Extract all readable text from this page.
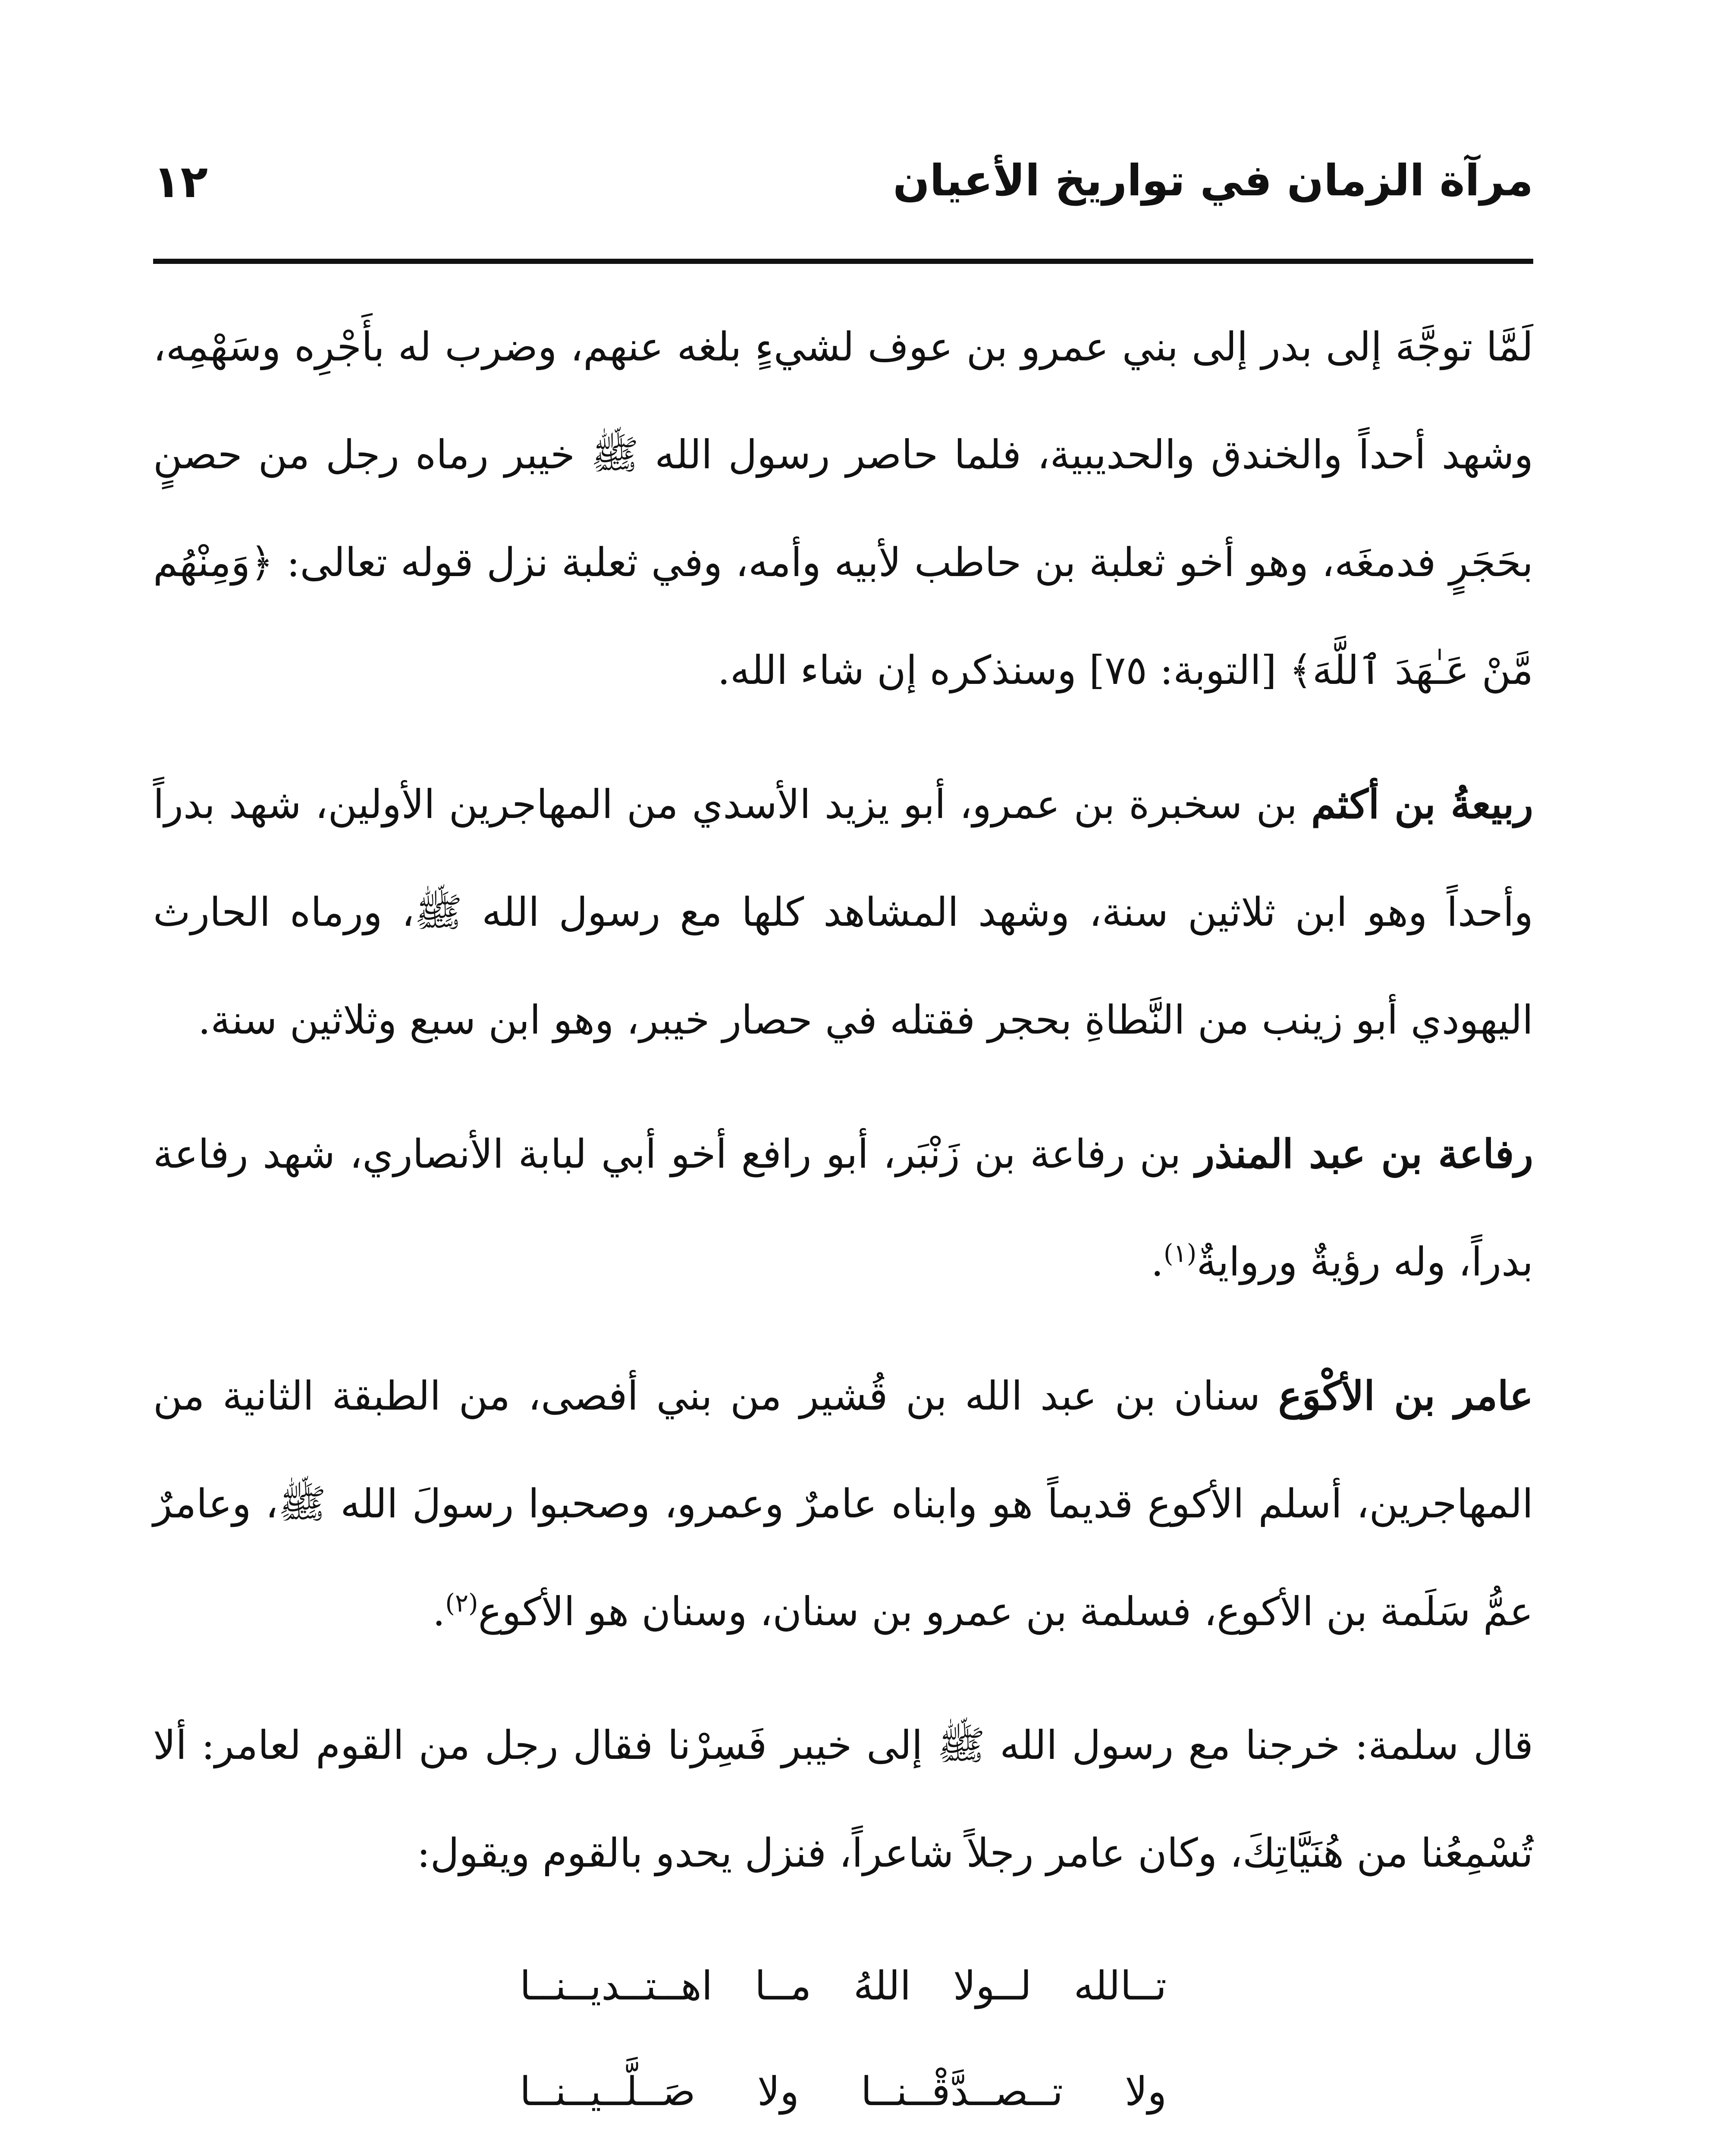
مرآة الزمان في تواريخ الأعيان
١٢

لَمَّا توجَّهَ إلى بدر إلى بني عمرو بن عوف لشيءٍ بلغه عنهم، وضرب له بأَجْرِه وسَهْمِه، وشهد أحداً والخندق والحديبية، فلما حاصر رسول الله ﷺ خيبر رماه رجل من حصنٍ بحَجَرٍ فدمغَه، وهو أخو ثعلبة بن حاطب لأبيه وأمه، وفي ثعلبة نزل قوله تعالى: ﴿وَمِنْهُم مَّنْ عَـٰهَدَ ٱللَّهَ﴾ [التوبة: ٧٥] وسنذكره إن شاء الله.

ربيعةُ بن أكثم بن سخبرة بن عمرو، أبو يزيد الأسدي من المهاجرين الأولين، شهد بدراً وأحداً وهو ابن ثلاثين سنة، وشهد المشاهد كلها مع رسول الله ﷺ، ورماه الحارث اليهودي أبو زينب من النَّطاةِ بحجر فقتله في حصار خيبر، وهو ابن سبع وثلاثين سنة.

رفاعة بن عبد المنذر بن رفاعة بن زَنْبَر، أبو رافع أخو أبي لبابة الأنصاري، شهد رفاعة بدراً، وله رؤيةٌ وروايةٌ$^{(١)}$.

عامر بن الأكْوَع سنان بن عبد الله بن قُشير من بني أفصى، من الطبقة الثانية من المهاجرين، أسلم الأكوع قديماً هو وابناه عامرٌ وعمرو، وصحبوا رسولَ الله ﷺ، وعامرٌ عمُّ سَلَمة بن الأكوع، فسلمة بن عمرو بن سنان، وسنان هو الأكوع$^{(٢)}$.

قال سلمة: خرجنا مع رسول الله ﷺ إلى خيبر فَسِرْنا فقال رجل من القوم لعامر: ألا تُسْمِعُنا من هُنَيَّاتِكَ، وكان عامر رجلاً شاعراً، فنزل يحدو بالقوم ويقول:

تــالله لــولا اللهُ مــا اهــتــديــنــا
ولا تــصــدَّقْــنــا ولا صَــلَّــيــنــا
